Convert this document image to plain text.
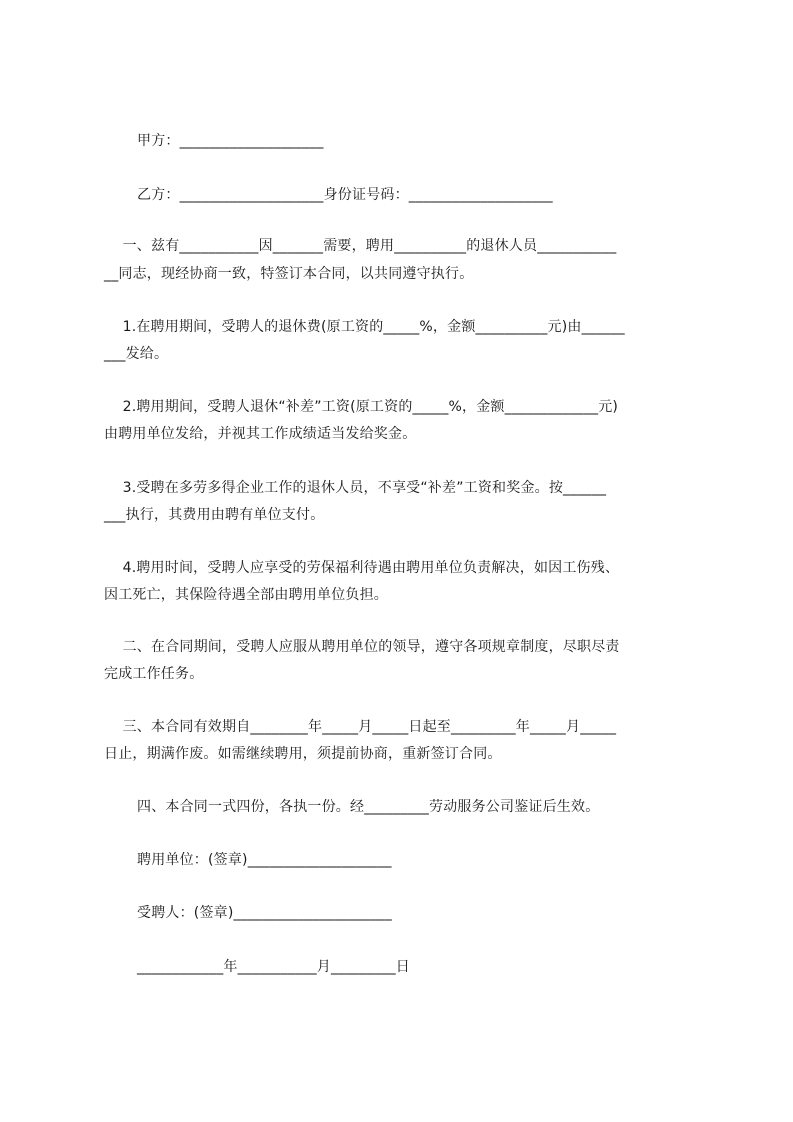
甲方：____________________
乙方：____________________身份证号码：____________________
一、兹有___________因_______需要，聘用__________的退休人员___________
__同志，现经协商一致，特签订本合同，以共同遵守执行。
1.在聘用期间，受聘人的退休费(原工资的_____%，金额__________元)由______
___发给。
2.聘用期间，受聘人退休“补差”工资(原工资的_____%，金额_____________元)
由聘用单位发给，并视其工作成绩适当发给奖金。
3.受聘在多劳多得企业工作的退休人员，不享受“补差”工资和奖金。按______
___执行，其费用由聘有单位支付。
4.聘用时间，受聘人应享受的劳保福利待遇由聘用单位负责解决，如因工伤残、
因工死亡，其保险待遇全部由聘用单位负担。
二、在合同期间，受聘人应服从聘用单位的领导，遵守各项规章制度，尽职尽责
完成工作任务。
三、本合同有效期自________年_____月_____日起至_________年_____月_____
日止，期满作废。如需继续聘用，须提前协商，重新签订合同。
四、本合同一式四份，各执一份。经_________劳动服务公司鉴证后生效。
聘用单位：(签章)____________________
受聘人：(签章)______________________
____________年___________月_________日
